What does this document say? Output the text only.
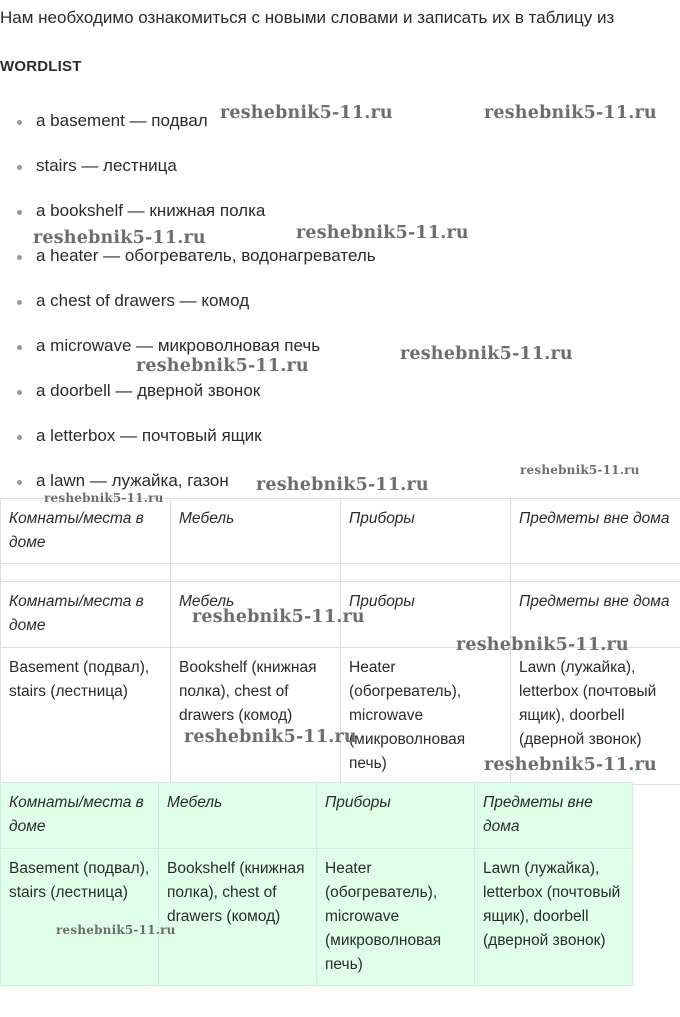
Нам необходимо ознакомиться с новыми словами и записать их в таблицу из
WORDLIST
a basement — подвал
stairs — лестница
a bookshelf — книжная полка
a heater — обогреватель, водонагреватель
a chest of drawers — комод
a microwave — микроволновая печь
a doorbell — дверной звонок
a letterbox — почтовый ящик
a lawn — лужайка, газон
Комнаты/места в доме	Мебель	Приборы	Предметы вне дома

Комнаты/места в доме	Мебель	Приборы	Предметы вне дома
Basement (подвал), stairs (лестница)	Bookshelf (книжная полка), chest of drawers (комод)	Heater (обогреватель), microwave (микроволновая печь)	Lawn (лужайка), letterbox (почтовый ящик), doorbell (дверной звонок)
Комнаты/места в доме	Мебель	Приборы	Предметы вне дома
Basement (подвал), stairs (лестница)	Bookshelf (книжная полка), chest of drawers (комод)	Heater (обогреватель), microwave (микроволновая печь)	Lawn (лужайка), letterbox (почтовый ящик), doorbell (дверной звонок)
reshebnik5-11.ru	reshebnik5-11.ru
reshebnik5-11.ru	reshebnik5-11.ru
reshebnik5-11.ru
reshebnik5-11.ru
reshebnik5-11.ru
reshebnik5-11.ru
reshebnik5-11.ru
reshebnik5-11.ru
reshebnik5-11.ru
reshebnik5-11.ru
reshebnik5-11.ru
reshebnik5-11.ru
